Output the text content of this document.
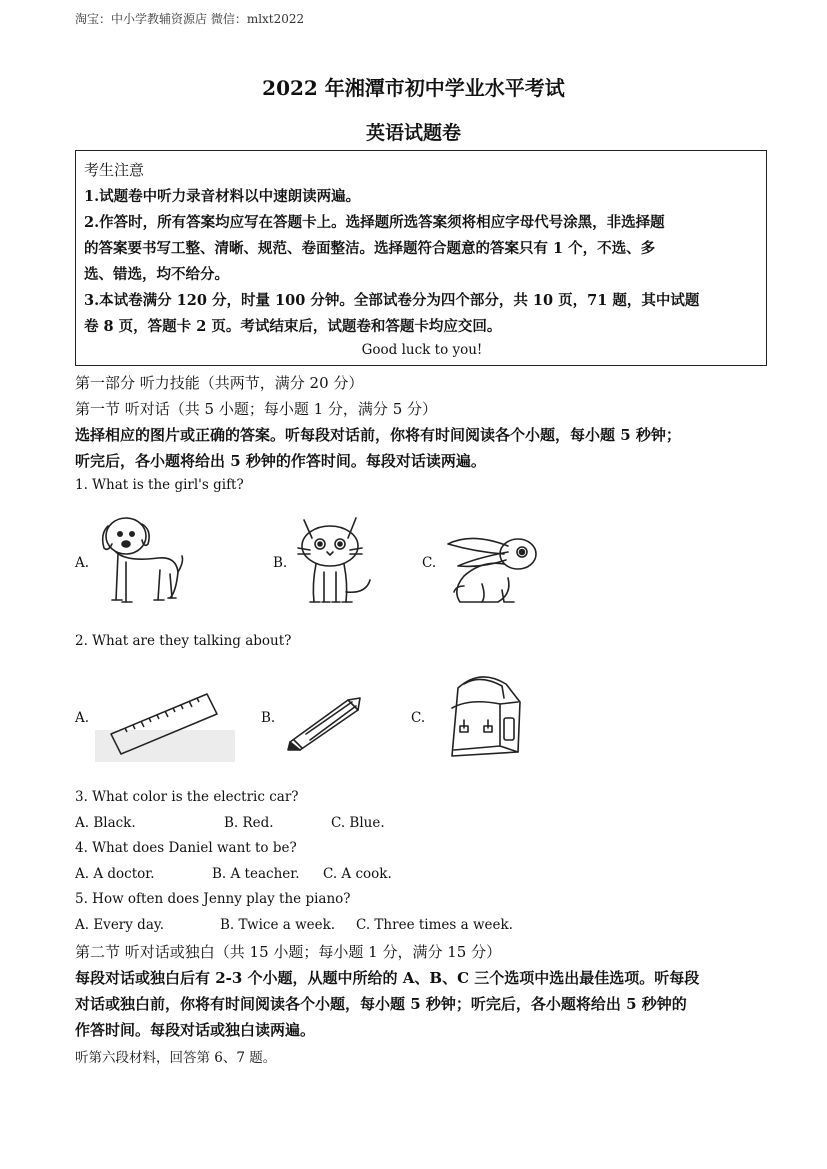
淘宝：中小学教辅资源店 微信：mlxt2022
2022 年湘潭市初中学业水平考试
英语试题卷
考生注意
1.试题卷中听力录音材料以中速朗读两遍。
2.作答时，所有答案均应写在答题卡上。选择题所选答案须将相应字母代号涂黑，非选择题
的答案要书写工整、清晰、规范、卷面整洁。选择题符合题意的答案只有 1 个，不选、多
选、错选，均不给分。
3.本试卷满分 120 分，时量 100 分钟。全部试卷分为四个部分，共 10 页，71 题，其中试题
卷 8 页，答题卡 2 页。考试结束后，试题卷和答题卡均应交回。
Good luck to you!
第一部分 听力技能（共两节，满分 20 分）
第一节 听对话（共 5 小题；每小题 1 分，满分 5 分）
选择相应的图片或正确的答案。听每段对话前，你将有时间阅读各个小题，每小题 5 秒钟；
听完后，各小题将给出 5 秒钟的作答时间。每段对话读两遍。
1. What is the girl's gift?
A.	B.	C.
2. What are they talking about?
A.	B.	C.
3. What color is the electric car?
A. Black.	B. Red.	C. Blue.
4. What does Daniel want to be?
A. A doctor.	B. A teacher. C. A cook.
5. How often does Jenny play the piano?
A. Every day.	B. Twice a week. C. Three times a week.
第二节 听对话或独白（共 15 小题；每小题 1 分，满分 15 分）
每段对话或独白后有 2-3 个小题，从题中所给的 A、B、C 三个选项中选出最佳选项。听每段
对话或独白前，你将有时间阅读各个小题，每小题 5 秒钟；听完后，各小题将给出 5 秒钟的
作答时间。每段对话或独白读两遍。
听第六段材料，回答第 6、7 题。
